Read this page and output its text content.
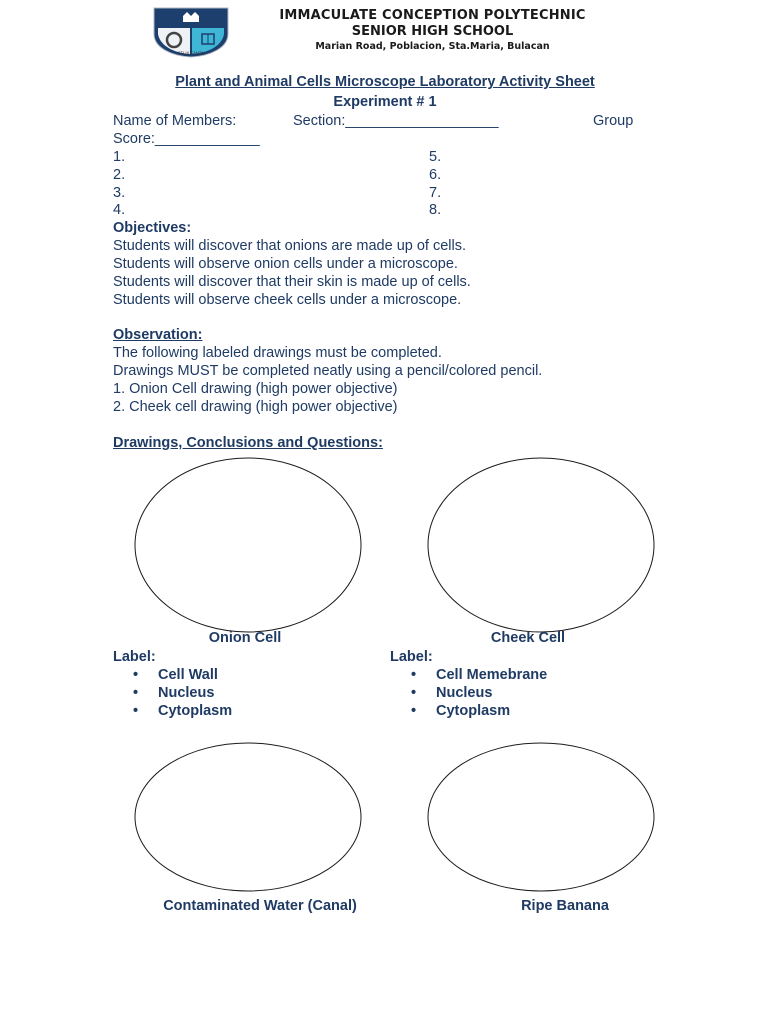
FELIX SANTA
IMMACULATE CONCEPTION POLYTECHNIC
SENIOR HIGH SCHOOL
Marian Road, Poblacion, Sta.Maria, Bulacan
Plant and Animal Cells Microscope Laboratory Activity Sheet
Experiment # 1
Name of Members:	Section:___________________	Group
Score:_____________
1.
2.
3.
4.
5.
6.
7.
8.
Objectives:
Students will discover that onions are made up of cells.
Students will observe onion cells under a microscope.
Students will discover that their skin is made up of cells.
Students will observe cheek cells under a microscope.
Observation:
The following labeled drawings must be completed.
Drawings MUST be completed neatly using a pencil/colored pencil.
1. Onion Cell drawing (high power objective)
2. Cheek cell drawing (high power objective)
Drawings, Conclusions and Questions:
Onion Cell	Cheek Cell
Label:	Label:
• Cell Wall
• Nucleus
• Cytoplasm
• Cell Memebrane
• Nucleus
• Cytoplasm
Contaminated Water (Canal)	Ripe Banana
